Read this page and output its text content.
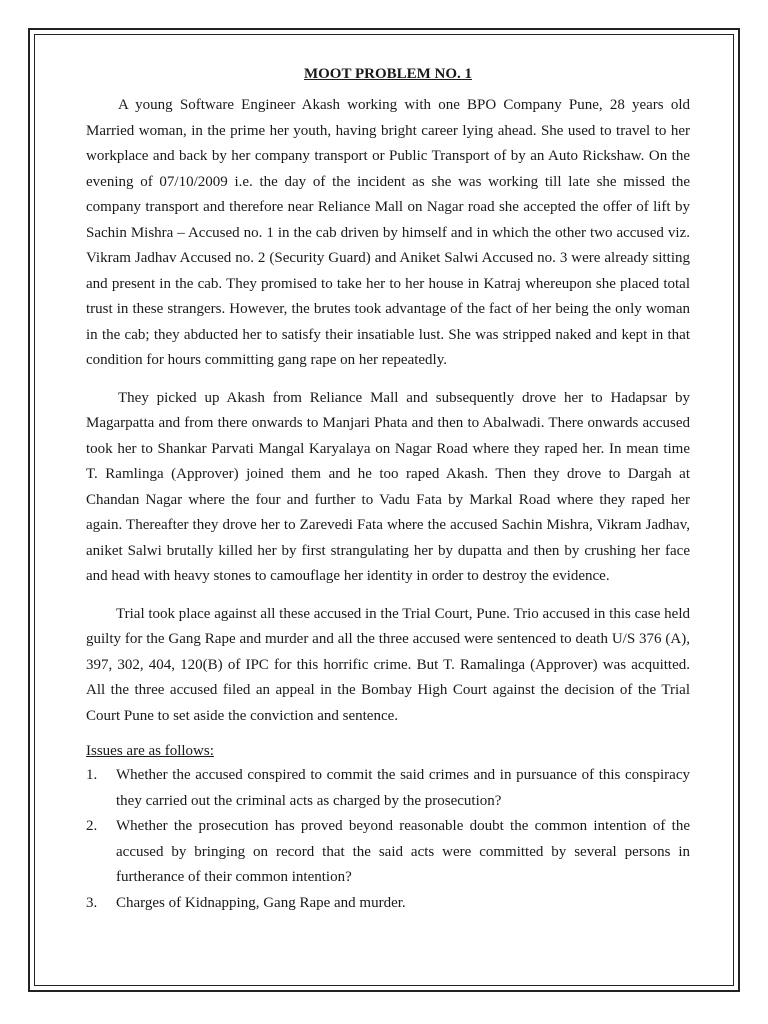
MOOT PROBLEM NO. 1

A young Software Engineer Akash working with one BPO Company Pune, 28 years old Married woman, in the prime her youth, having bright career lying ahead. She used to travel to her workplace and back by her company transport or Public Transport of by an Auto Rickshaw. On the evening of 07/10/2009 i.e. the day of the incident as she was working till late she missed the company transport and therefore near Reliance Mall on Nagar road she accepted the offer of lift by Sachin Mishra – Accused no. 1 in the cab driven by himself and in which the other two accused viz. Vikram Jadhav Accused no. 2 (Security Guard) and Aniket Salwi Accused no. 3 were already sitting and present in the cab. They promised to take her to her house in Katraj whereupon she placed total trust in these strangers. However, the brutes took advantage of the fact of her being the only woman in the cab; they abducted her to satisfy their insatiable lust. She was stripped naked and kept in that condition for hours committing gang rape on her repeatedly.

They picked up Akash from Reliance Mall and subsequently drove her to Hadapsar by Magarpatta and from there onwards to Manjari Phata and then to Abalwadi. There onwards accused took her to Shankar Parvati Mangal Karyalaya on Nagar Road where they raped her. In mean time T. Ramlinga (Approver) joined them and he too raped Akash. Then they drove to Dargah at Chandan Nagar where the four and further to Vadu Fata by Markal Road where they raped her again. Thereafter they drove her to Zarevedi Fata where the accused Sachin Mishra, Vikram Jadhav, aniket Salwi brutally killed her by first strangulating her by dupatta and then by crushing her face and head with heavy stones to camouflage her identity in order to destroy the evidence.

Trial took place against all these accused in the Trial Court, Pune. Trio accused in this case held guilty for the Gang Rape and murder and all the three accused were sentenced to death U/S 376 (A), 397, 302, 404, 120(B) of IPC for this horrific crime. But T. Ramalinga (Approver) was acquitted. All the three accused filed an appeal in the Bombay High Court against the decision of the Trial Court Pune to set aside the conviction and sentence.

Issues are as follows:

1.	Whether the accused conspired to commit the said crimes and in pursuance of this conspiracy they carried out the criminal acts as charged by the prosecution?
2.	Whether the prosecution has proved beyond reasonable doubt the common intention of the accused by bringing on record that the said acts were committed by several persons in furtherance of their common intention?
3.	Charges of Kidnapping, Gang Rape and murder.
